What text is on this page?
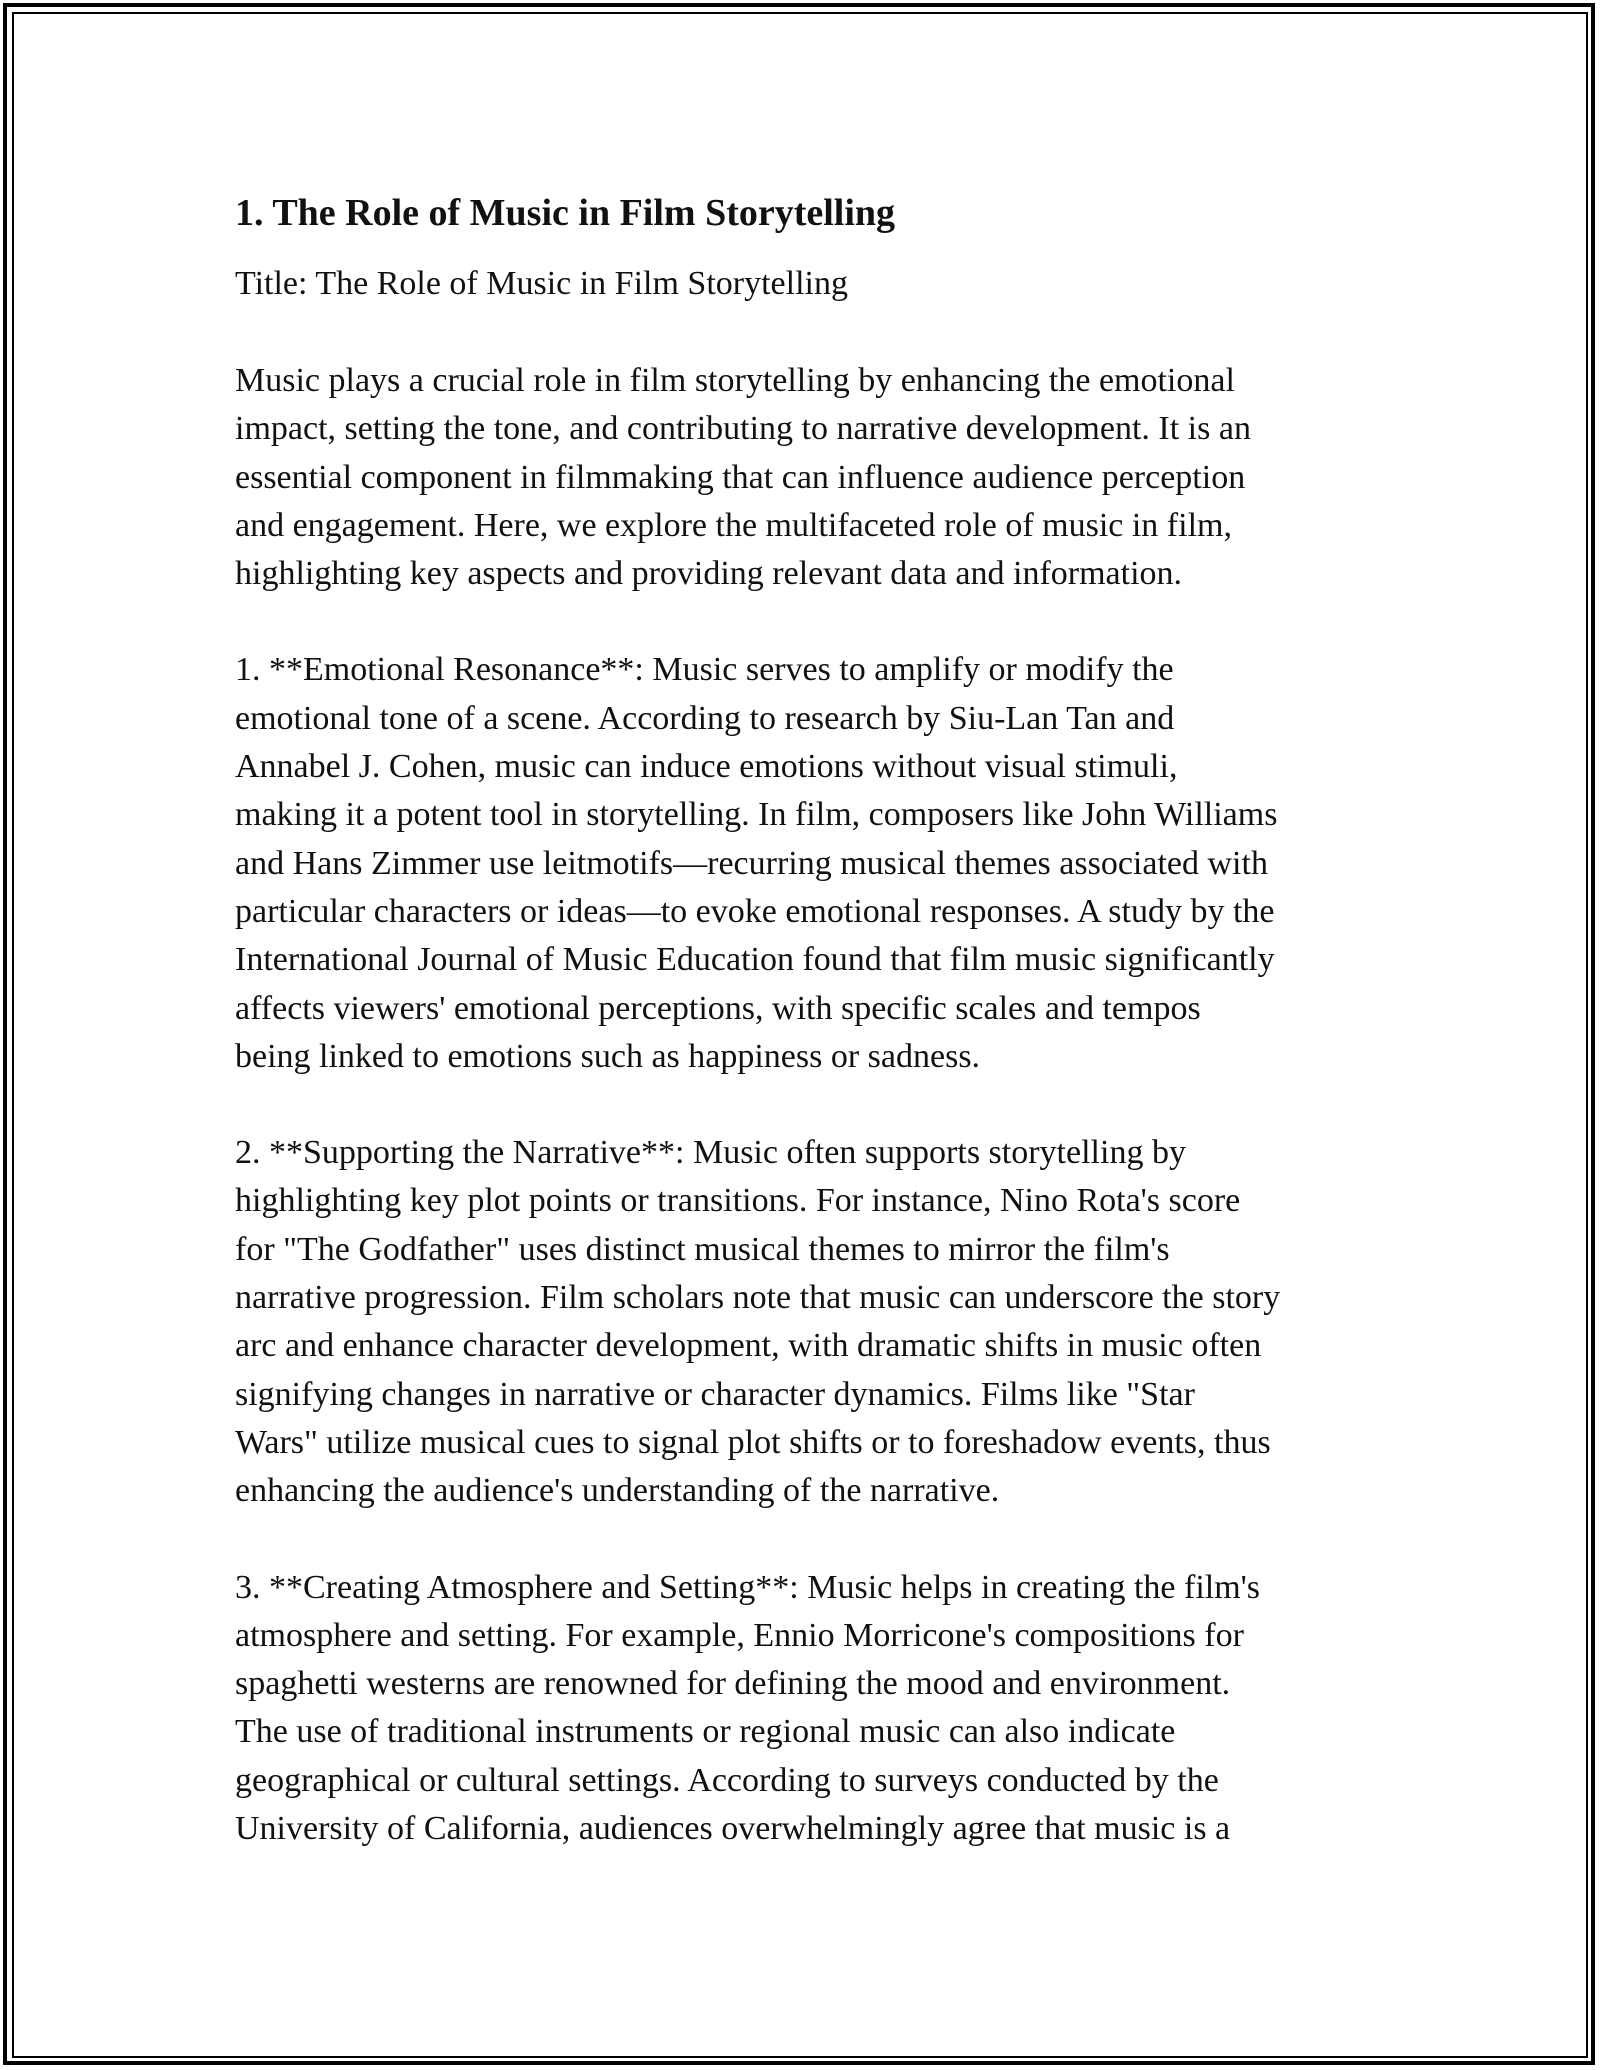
1. The Role of Music in Film Storytelling

Title: The Role of Music in Film Storytelling

Music plays a crucial role in film storytelling by enhancing the emotional
impact, setting the tone, and contributing to narrative development. It is an
essential component in filmmaking that can influence audience perception
and engagement. Here, we explore the multifaceted role of music in film,
highlighting key aspects and providing relevant data and information.

1. **Emotional Resonance**: Music serves to amplify or modify the
emotional tone of a scene. According to research by Siu-Lan Tan and
Annabel J. Cohen, music can induce emotions without visual stimuli,
making it a potent tool in storytelling. In film, composers like John Williams
and Hans Zimmer use leitmotifs—recurring musical themes associated with
particular characters or ideas—to evoke emotional responses. A study by the
International Journal of Music Education found that film music significantly
affects viewers' emotional perceptions, with specific scales and tempos
being linked to emotions such as happiness or sadness.

2. **Supporting the Narrative**: Music often supports storytelling by
highlighting key plot points or transitions. For instance, Nino Rota's score
for "The Godfather" uses distinct musical themes to mirror the film's
narrative progression. Film scholars note that music can underscore the story
arc and enhance character development, with dramatic shifts in music often
signifying changes in narrative or character dynamics. Films like "Star
Wars" utilize musical cues to signal plot shifts or to foreshadow events, thus
enhancing the audience's understanding of the narrative.

3. **Creating Atmosphere and Setting**: Music helps in creating the film's
atmosphere and setting. For example, Ennio Morricone's compositions for
spaghetti westerns are renowned for defining the mood and environment.
The use of traditional instruments or regional music can also indicate
geographical or cultural settings. According to surveys conducted by the
University of California, audiences overwhelmingly agree that music is a
